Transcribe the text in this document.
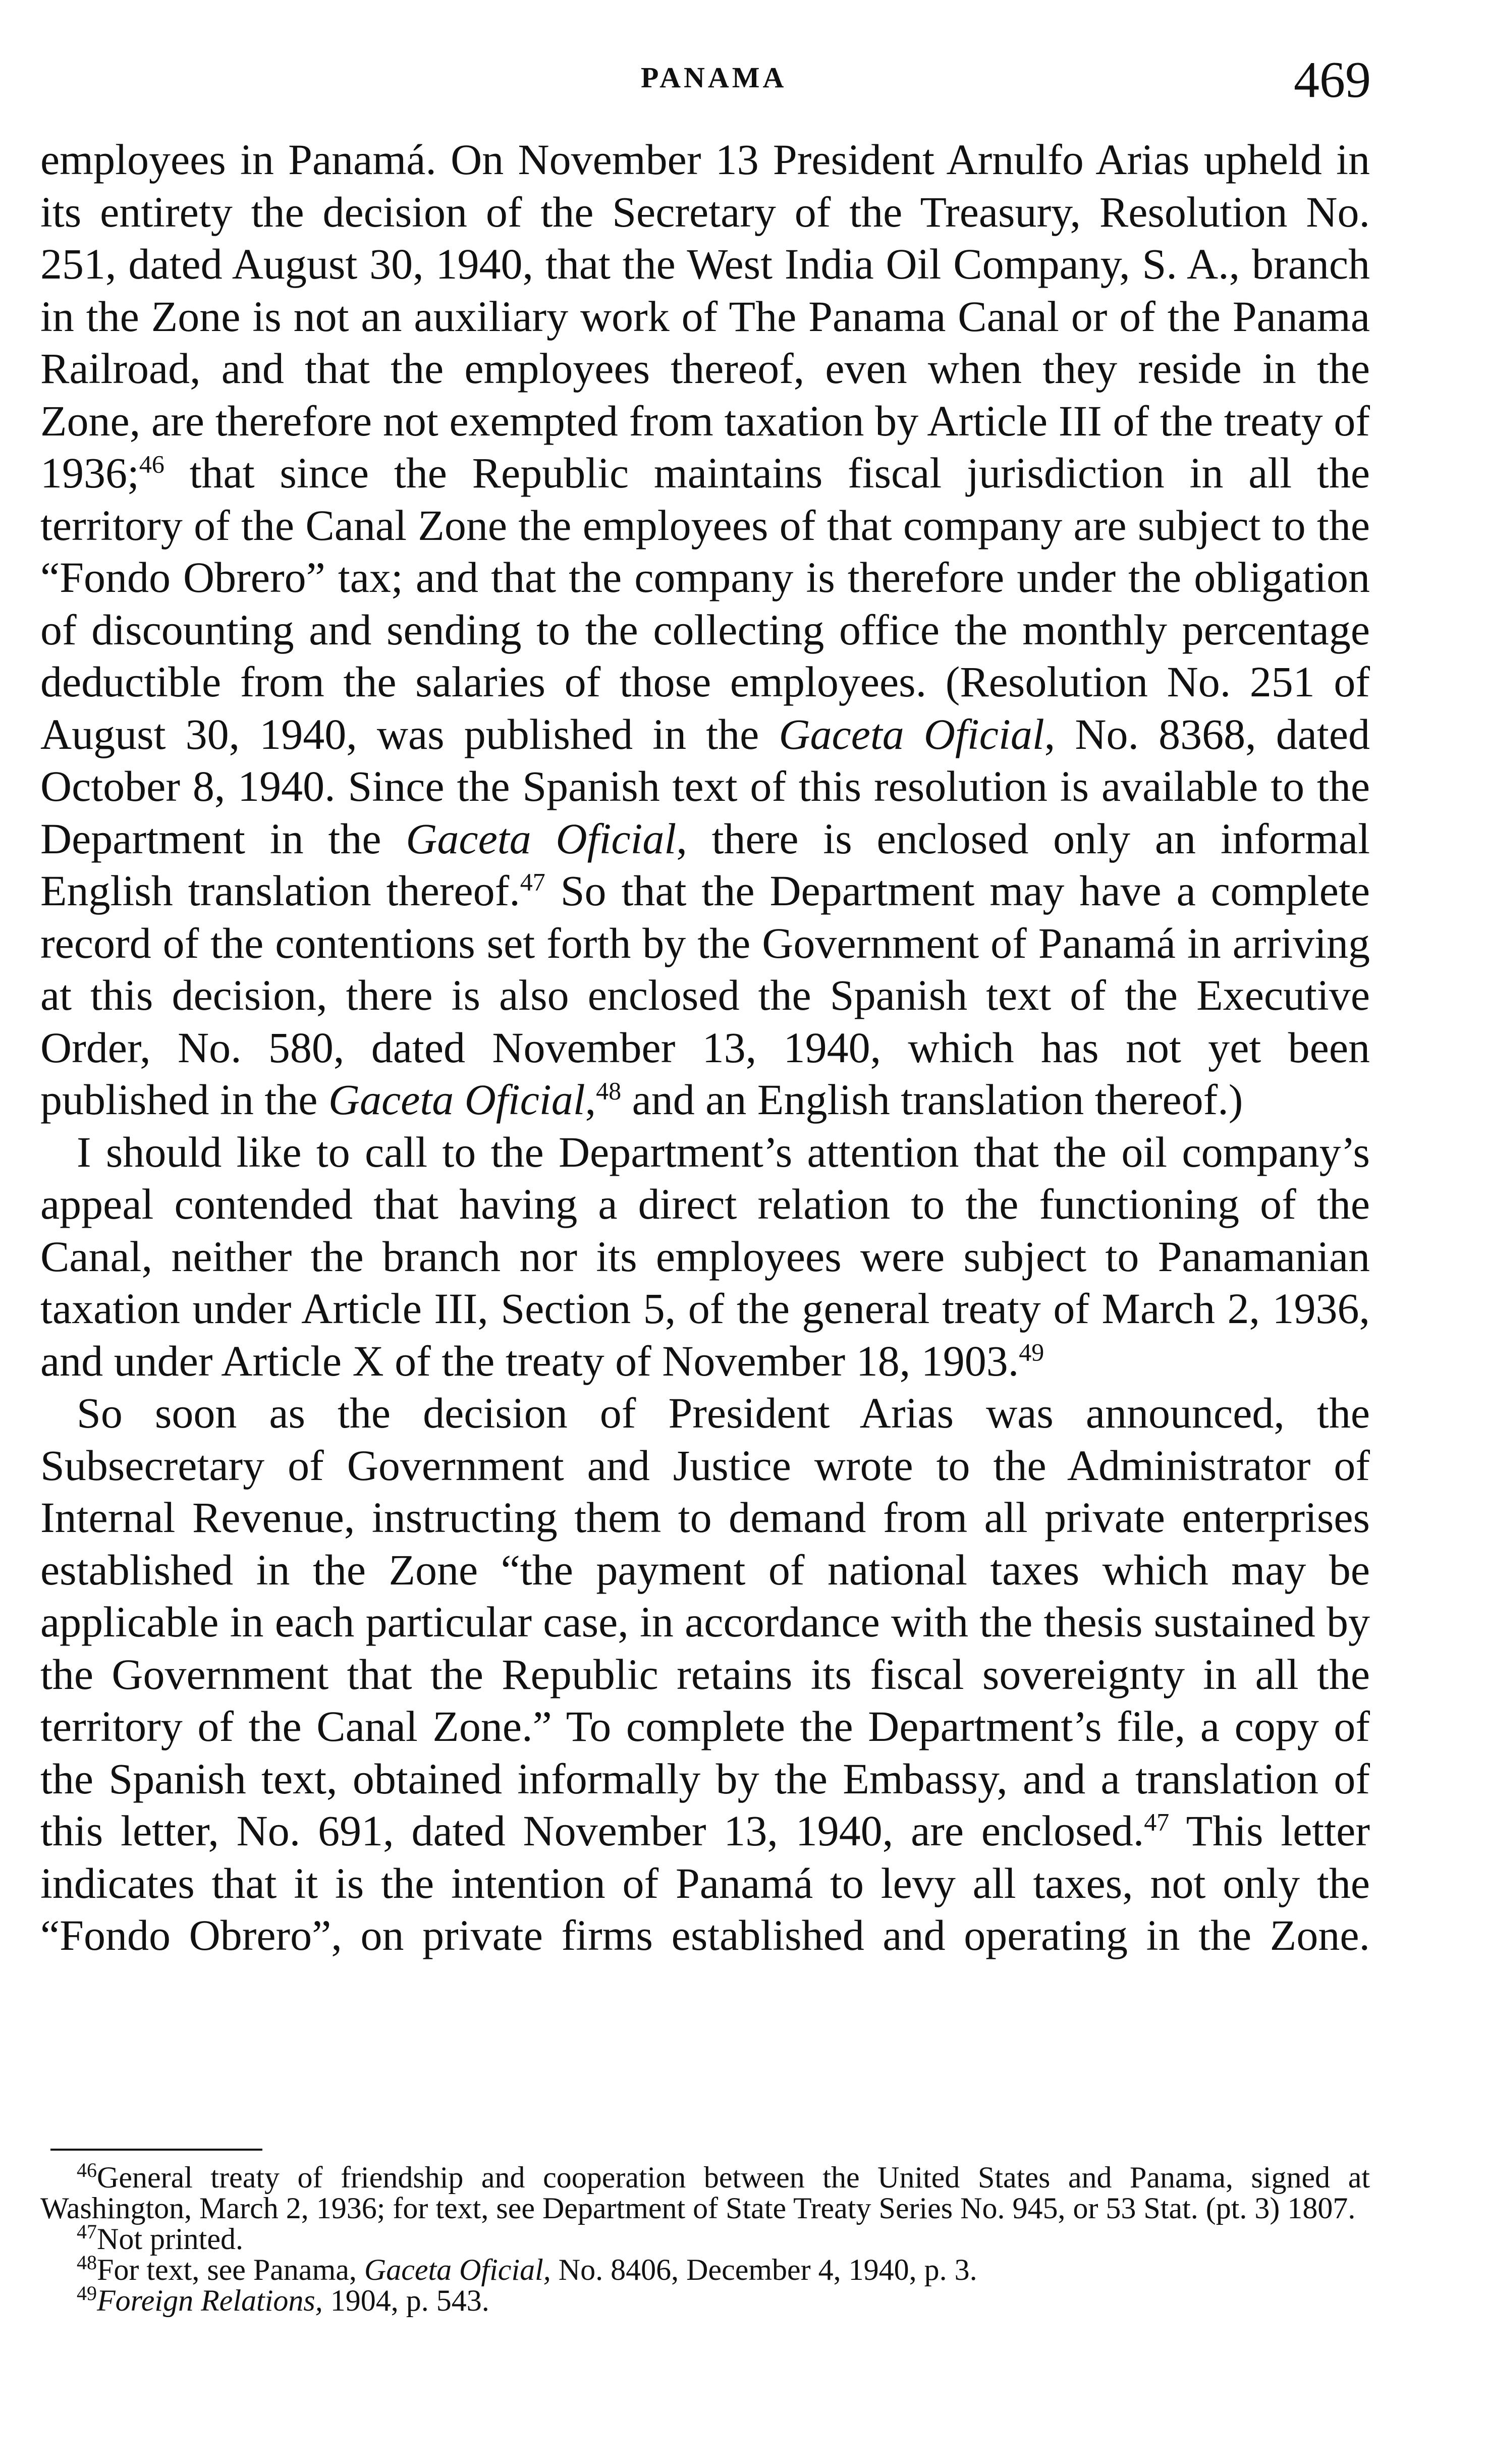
PANAMA	469

employees in Panamá. On November 13 President Arnulfo Arias upheld in its entirety the decision of the Secretary of the Treasury, Resolution No. 251, dated August 30, 1940, that the West India Oil Company, S. A., branch in the Zone is not an auxiliary work of The Panama Canal or of the Panama Railroad, and that the employees thereof, even when they reside in the Zone, are therefore not exempted from taxation by Article III of the treaty of 1936;$^{46}$ that since the Republic maintains fiscal jurisdiction in all the territory of the Canal Zone the employees of that company are subject to the “Fondo Obrero” tax; and that the company is therefore under the obligation of discounting and sending to the collecting office the monthly percentage deductible from the salaries of those employees. (Resolution No. 251 of August 30, 1940, was published in the Gaceta Oficial, No. 8368, dated October 8, 1940. Since the Spanish text of this resolution is available to the Department in the Gaceta Oficial, there is enclosed only an informal English translation thereof.$^{47}$ So that the Department may have a complete record of the contentions set forth by the Government of Panamá in arriving at this decision, there is also enclosed the Spanish text of the Executive Order, No. 580, dated November 13, 1940, which has not yet been published in the Gaceta Oficial,$^{48}$ and an English translation thereof.)

I should like to call to the Department’s attention that the oil company’s appeal contended that having a direct relation to the functioning of the Canal, neither the branch nor its employees were subject to Panamanian taxation under Article III, Section 5, of the general treaty of March 2, 1936, and under Article X of the treaty of November 18, 1903.49

So soon as the decision of President Arias was announced, the Subsecretary of Government and Justice wrote to the Administrator of Internal Revenue, instructing them to demand from all private enterprises established in the Zone “the payment of national taxes which may be applicable in each particular case, in accordance with the thesis sustained by the Government that the Republic retains its fiscal sovereignty in all the territory of the Canal Zone.” To complete the Department’s file, a copy of the Spanish text, obtained informally by the Embassy, and a translation of this letter, No. 691, dated November 13, 1940, are enclosed.$^{47}$ This letter indicates that it is the intention of Panamá to levy all taxes, not only the “Fondo Obrero”, on private firms established and operating in the Zone.

$^{46}$General treaty of friendship and cooperation between the United States and Panama, signed at Washington, March 2, 1936; for text, see Department of State Treaty Series No. 945, or 53 Stat. (pt. 3) 1807.

$^{47}$Not printed.

$^{48}$For text, see Panama, Gaceta Oficial, No. 8406, December 4, 1940, p. 3.

$^{49}$Foreign Relations, 1904, p. 543.
